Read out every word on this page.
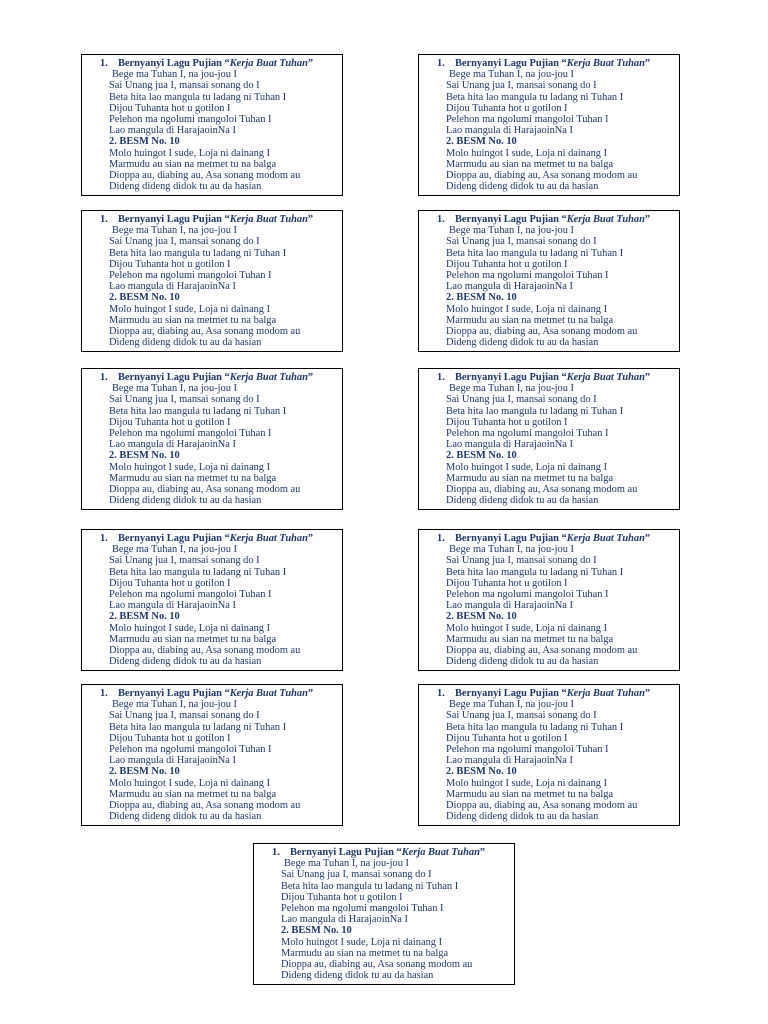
1. Bernyanyi Lagu Pujian “Kerja Buat Tuhan”
Bege ma Tuhan I, na jou-jou I
Sai Unang jua I, mansai sonang do I
Beta hita lao mangula tu ladang ni Tuhan I
Dijou Tuhanta hot u gotilon I
Pelehon ma ngolumi mangoloi Tuhan I
Lao mangula di HarajaoinNa I
2. BESM No. 10
Molo huingot I sude, Loja ni dainang I
Marmudu au sian na metmet tu na balga
Dioppa au, diabing au, Asa sonang modom au
Dideng dideng didok tu au da hasian
1. Bernyanyi Lagu Pujian “Kerja Buat Tuhan”
Bege ma Tuhan I, na jou-jou I
Sai Unang jua I, mansai sonang do I
Beta hita lao mangula tu ladang ni Tuhan I
Dijou Tuhanta hot u gotilon I
Pelehon ma ngolumi mangoloi Tuhan I
Lao mangula di HarajaoinNa I
2. BESM No. 10
Molo huingot I sude, Loja ni dainang I
Marmudu au sian na metmet tu na balga
Dioppa au, diabing au, Asa sonang modom au
Dideng dideng didok tu au da hasian
1. Bernyanyi Lagu Pujian “Kerja Buat Tuhan”
Bege ma Tuhan I, na jou-jou I
Sai Unang jua I, mansai sonang do I
Beta hita lao mangula tu ladang ni Tuhan I
Dijou Tuhanta hot u gotilon I
Pelehon ma ngolumi mangoloi Tuhan I
Lao mangula di HarajaoinNa I
2. BESM No. 10
Molo huingot I sude, Loja ni dainang I
Marmudu au sian na metmet tu na balga
Dioppa au, diabing au, Asa sonang modom au
Dideng dideng didok tu au da hasian
1. Bernyanyi Lagu Pujian “Kerja Buat Tuhan”
Bege ma Tuhan I, na jou-jou I
Sai Unang jua I, mansai sonang do I
Beta hita lao mangula tu ladang ni Tuhan I
Dijou Tuhanta hot u gotilon I
Pelehon ma ngolumi mangoloi Tuhan I
Lao mangula di HarajaoinNa I
2. BESM No. 10
Molo huingot I sude, Loja ni dainang I
Marmudu au sian na metmet tu na balga
Dioppa au, diabing au, Asa sonang modom au
Dideng dideng didok tu au da hasian
1. Bernyanyi Lagu Pujian “Kerja Buat Tuhan”
Bege ma Tuhan I, na jou-jou I
Sai Unang jua I, mansai sonang do I
Beta hita lao mangula tu ladang ni Tuhan I
Dijou Tuhanta hot u gotilon I
Pelehon ma ngolumi mangoloi Tuhan I
Lao mangula di HarajaoinNa I
2. BESM No. 10
Molo huingot I sude, Loja ni dainang I
Marmudu au sian na metmet tu na balga
Dioppa au, diabing au, Asa sonang modom au
Dideng dideng didok tu au da hasian
1. Bernyanyi Lagu Pujian “Kerja Buat Tuhan”
Bege ma Tuhan I, na jou-jou I
Sai Unang jua I, mansai sonang do I
Beta hita lao mangula tu ladang ni Tuhan I
Dijou Tuhanta hot u gotilon I
Pelehon ma ngolumi mangoloi Tuhan I
Lao mangula di HarajaoinNa I
2. BESM No. 10
Molo huingot I sude, Loja ni dainang I
Marmudu au sian na metmet tu na balga
Dioppa au, diabing au, Asa sonang modom au
Dideng dideng didok tu au da hasian
1. Bernyanyi Lagu Pujian “Kerja Buat Tuhan”
Bege ma Tuhan I, na jou-jou I
Sai Unang jua I, mansai sonang do I
Beta hita lao mangula tu ladang ni Tuhan I
Dijou Tuhanta hot u gotilon I
Pelehon ma ngolumi mangoloi Tuhan I
Lao mangula di HarajaoinNa I
2. BESM No. 10
Molo huingot I sude, Loja ni dainang I
Marmudu au sian na metmet tu na balga
Dioppa au, diabing au, Asa sonang modom au
Dideng dideng didok tu au da hasian
1. Bernyanyi Lagu Pujian “Kerja Buat Tuhan”
Bege ma Tuhan I, na jou-jou I
Sai Unang jua I, mansai sonang do I
Beta hita lao mangula tu ladang ni Tuhan I
Dijou Tuhanta hot u gotilon I
Pelehon ma ngolumi mangoloi Tuhan I
Lao mangula di HarajaoinNa I
2. BESM No. 10
Molo huingot I sude, Loja ni dainang I
Marmudu au sian na metmet tu na balga
Dioppa au, diabing au, Asa sonang modom au
Dideng dideng didok tu au da hasian
1. Bernyanyi Lagu Pujian “Kerja Buat Tuhan”
Bege ma Tuhan I, na jou-jou I
Sai Unang jua I, mansai sonang do I
Beta hita lao mangula tu ladang ni Tuhan I
Dijou Tuhanta hot u gotilon I
Pelehon ma ngolumi mangoloi Tuhan I
Lao mangula di HarajaoinNa I
2. BESM No. 10
Molo huingot I sude, Loja ni dainang I
Marmudu au sian na metmet tu na balga
Dioppa au, diabing au, Asa sonang modom au
Dideng dideng didok tu au da hasian
1. Bernyanyi Lagu Pujian “Kerja Buat Tuhan”
Bege ma Tuhan I, na jou-jou I
Sai Unang jua I, mansai sonang do I
Beta hita lao mangula tu ladang ni Tuhan I
Dijou Tuhanta hot u gotilon I
Pelehon ma ngolumi mangoloi Tuhan I
Lao mangula di HarajaoinNa I
2. BESM No. 10
Molo huingot I sude, Loja ni dainang I
Marmudu au sian na metmet tu na balga
Dioppa au, diabing au, Asa sonang modom au
Dideng dideng didok tu au da hasian
1. Bernyanyi Lagu Pujian “Kerja Buat Tuhan”
Bege ma Tuhan I, na jou-jou I
Sai Unang jua I, mansai sonang do I
Beta hita lao mangula tu ladang ni Tuhan I
Dijou Tuhanta hot u gotilon I
Pelehon ma ngolumi mangoloi Tuhan I
Lao mangula di HarajaoinNa I
2. BESM No. 10
Molo huingot I sude, Loja ni dainang I
Marmudu au sian na metmet tu na balga
Dioppa au, diabing au, Asa sonang modom au
Dideng dideng didok tu au da hasian
